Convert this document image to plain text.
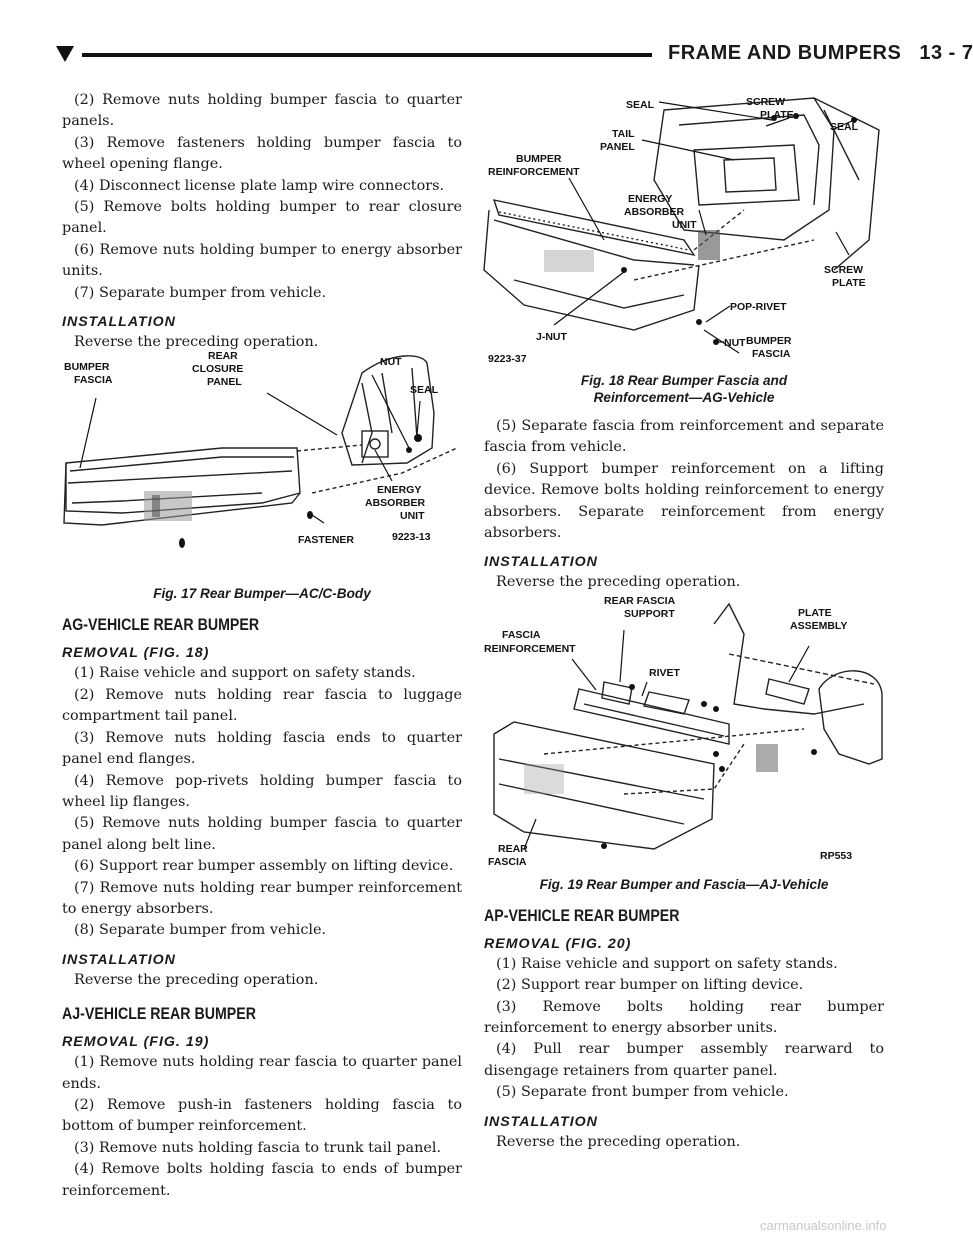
FRAME AND BUMPERS 13 - 7

(2) Remove nuts holding bumper fascia to quarter panels.

(3) Remove fasteners holding bumper fascia to wheel opening flange.

(4) Disconnect license plate lamp wire connectors.

(5) Remove bolts holding bumper to rear closure panel.

(6) Remove nuts holding bumper to energy absorber units.

(7) Separate bumper from vehicle.

INSTALLATION

Reverse the preceding operation.

BUMPER
FASCIA
REAR
CLOSURE
PANEL
NUT
SEAL
ENERGY
ABSORBER
UNIT
FASTENER	9223-13
Fig. 17 Rear Bumper—AC/C-Body
AG-VEHICLE REAR BUMPER
REMOVAL (FIG. 18)

(1) Raise vehicle and support on safety stands.

(2) Remove nuts holding rear fascia to luggage compartment tail panel.

(3) Remove nuts holding fascia ends to quarter panel end flanges.

(4) Remove pop-rivets holding bumper fascia to wheel lip flanges.

(5) Remove nuts holding bumper fascia to quarter panel along belt line.

(6) Support rear bumper assembly on lifting device.

(7) Remove nuts holding rear bumper reinforcement to energy absorbers.

(8) Separate bumper from vehicle.

INSTALLATION

Reverse the preceding operation.

AJ-VEHICLE REAR BUMPER
REMOVAL (FIG. 19)

(1) Remove nuts holding rear fascia to quarter panel ends.

(2) Remove push-in fasteners holding fascia to bottom of bumper reinforcement.

(3) Remove nuts holding fascia to trunk tail panel.

(4) Remove bolts holding fascia to ends of bumper reinforcement.

SEAL	SCREW
PLATE
SEAL
TAIL
PANEL
BUMPER
REINFORCEMENT
ENERGY
ABSORBER
UNIT
SCREW
PLATE
POP-RIVET
J-NUT	NUT BUMPER
FASCIA
9223-37
Fig. 18 Rear Bumper Fascia and
Reinforcement—AG-Vehicle

(5) Separate fascia from reinforcement and separate fascia from vehicle.

(6) Support bumper reinforcement on a lifting device. Remove bolts holding reinforcement to energy absorbers. Separate reinforcement from energy absorbers.

INSTALLATION

Reverse the preceding operation.

REAR FASCIA
SUPPORT
FASCIA
REINFORCEMENT
PLATE
ASSEMBLY
RIVET
REAR
FASCIA	RP553
Fig. 19 Rear Bumper and Fascia—AJ-Vehicle
AP-VEHICLE REAR BUMPER
REMOVAL (FIG. 20)

(1) Raise vehicle and support on safety stands.

(2) Support rear bumper on lifting device.

(3) Remove bolts holding rear bumper reinforcement to energy absorber units.

(4) Pull rear bumper assembly rearward to disengage retainers from quarter panel.

(5) Separate front bumper from vehicle.

INSTALLATION

Reverse the preceding operation.

carmanualsonline.info
